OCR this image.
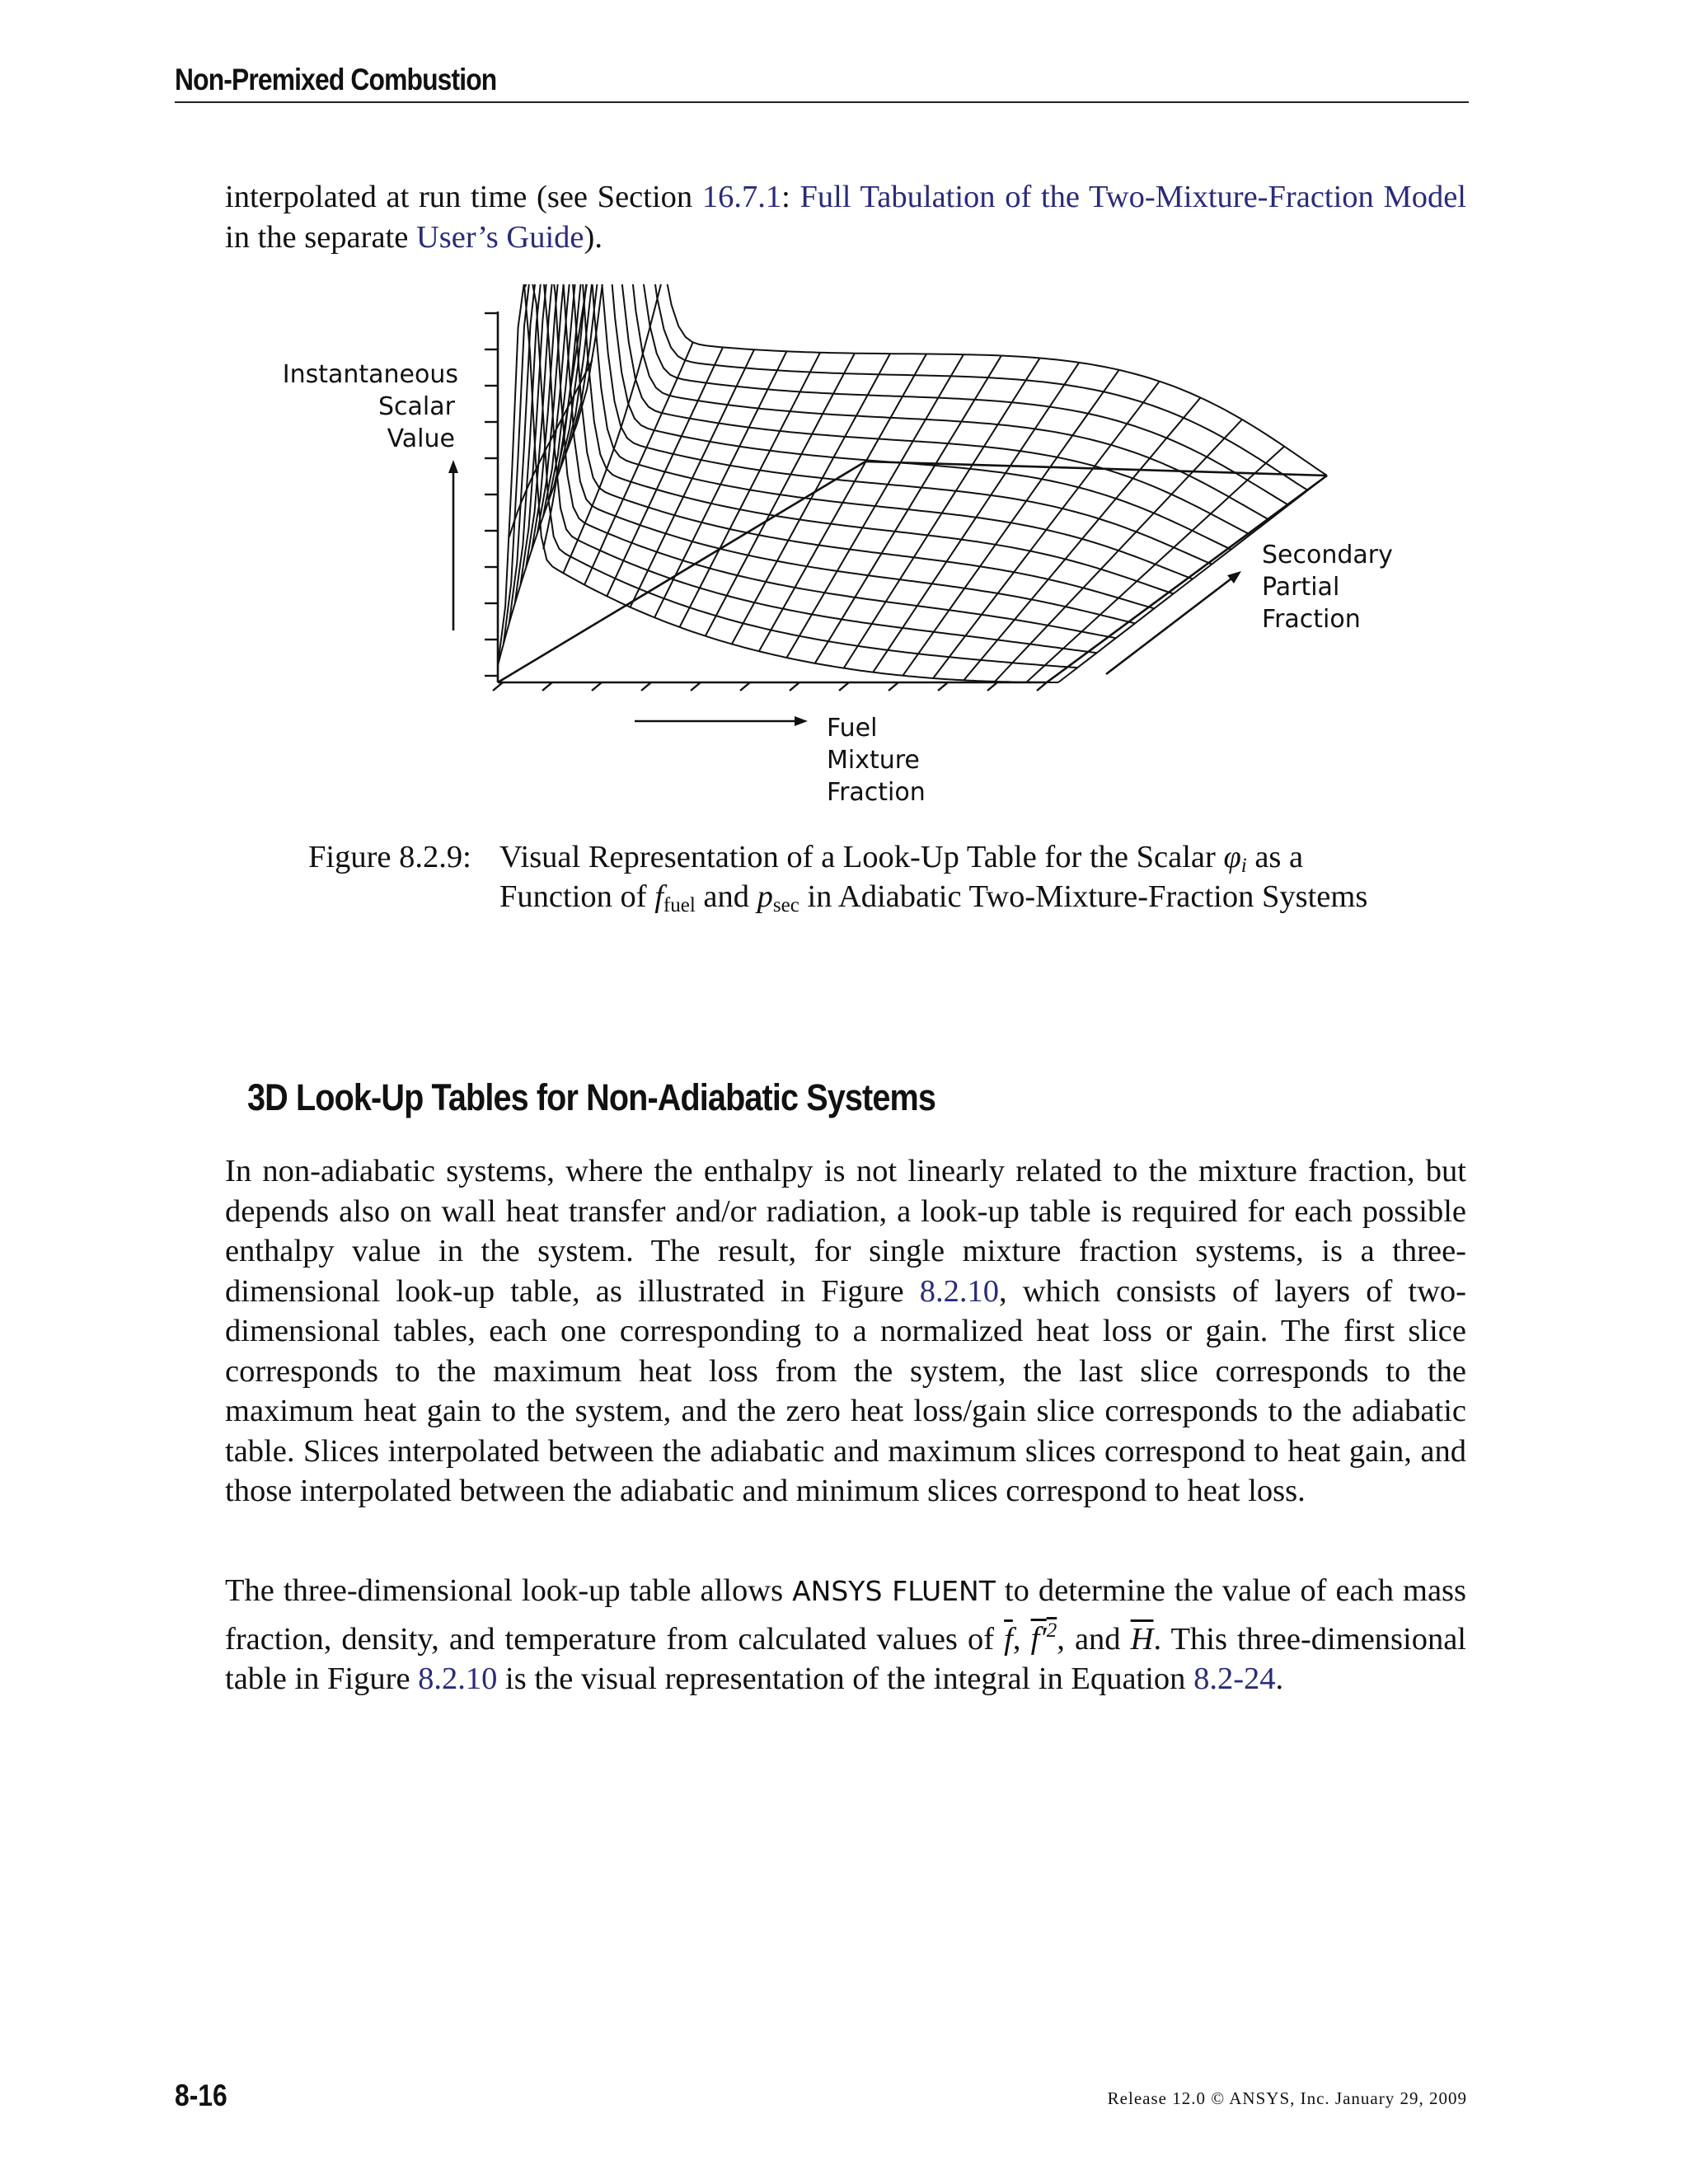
Non-Premixed Combustion
interpolated at run time (see Section 16.7.1: Full Tabulation of the Two-Mixture-Fraction Model in the separate User’s Guide).
Instantaneous
Scalar
Value
Fuel
Mixture
Fraction
Secondary
Partial
Fraction
Figure 8.2.9: Visual Representation of a Look-Up Table for the Scalar $\varphi_i$ as a Function of $f_{fuel}$ and $p_{sec}$ in Adiabatic Two-Mixture-Fraction Systems
3D Look-Up Tables for Non-Adiabatic Systems
In non-adiabatic systems, where the enthalpy is not linearly related to the mixture fraction, but depends also on wall heat transfer and/or radiation, a look-up table is required for each possible enthalpy value in the system. The result, for single mixture fraction systems, is a three-dimensional look-up table, as illustrated in Figure 8.2.10, which consists of layers of two-dimensional tables, each one corresponding to a normalized heat loss or gain. The first slice corresponds to the maximum heat loss from the system, the last slice corresponds to the maximum heat gain to the system, and the zero heat loss/gain slice corresponds to the adiabatic table. Slices interpolated between the adiabatic and maximum slices correspond to heat gain, and those interpolated between the adiabatic and minimum slices correspond to heat loss.
The three-dimensional look-up table allows ANSYS FLUENT to determine the value of each mass fraction, density, and temperature from calculated values of $\overline{f}$, $f'^2$, and $\overline{H}$. This three-dimensional table in Figure 8.2.10 is the visual representation of the integral in Equation 8.2-24.
8-16	Release 12.0 © ANSYS, Inc. January 29, 2009
